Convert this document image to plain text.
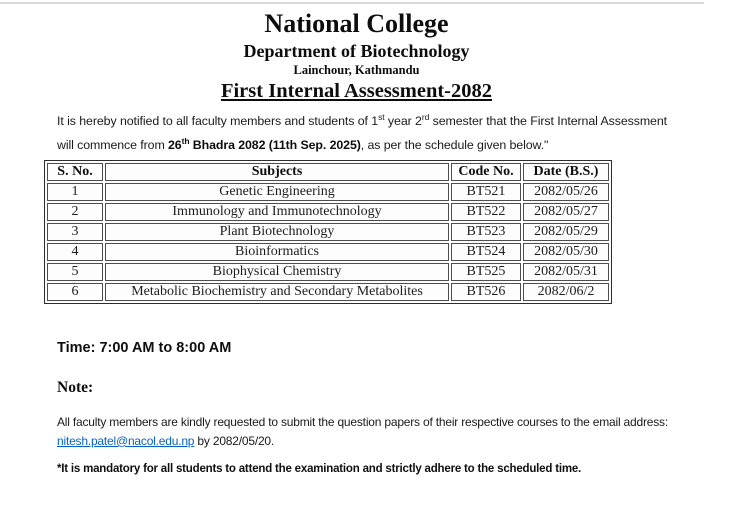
National College
Department of Biotechnology
Lainchour, Kathmandu
First Internal Assessment-2082

It is hereby notified to all faculty members and students of 1st year 2rd semester that the First Internal Assessment will commence from 26th Bhadra 2082 (11th Sep. 2025), as per the schedule given below."

S. No.	Subjects	Code No.	Date (B.S.)
1	Genetic Engineering	BT521	2082/05/26
2	Immunology and Immunotechnology	BT522	2082/05/27
3	Plant Biotechnology	BT523	2082/05/29
4	Bioinformatics	BT524	2082/05/30
5	Biophysical Chemistry	BT525	2082/05/31
6	Metabolic Biochemistry and Secondary Metabolites	BT526	2082/06/2
Time: 7:00 AM to 8:00 AM
Note:

All faculty members are kindly requested to submit the question papers of their respective courses to the email address: nitesh.patel@nacol.edu.np by 2082/05/20.

*It is mandatory for all students to attend the examination and strictly adhere to the scheduled time.
